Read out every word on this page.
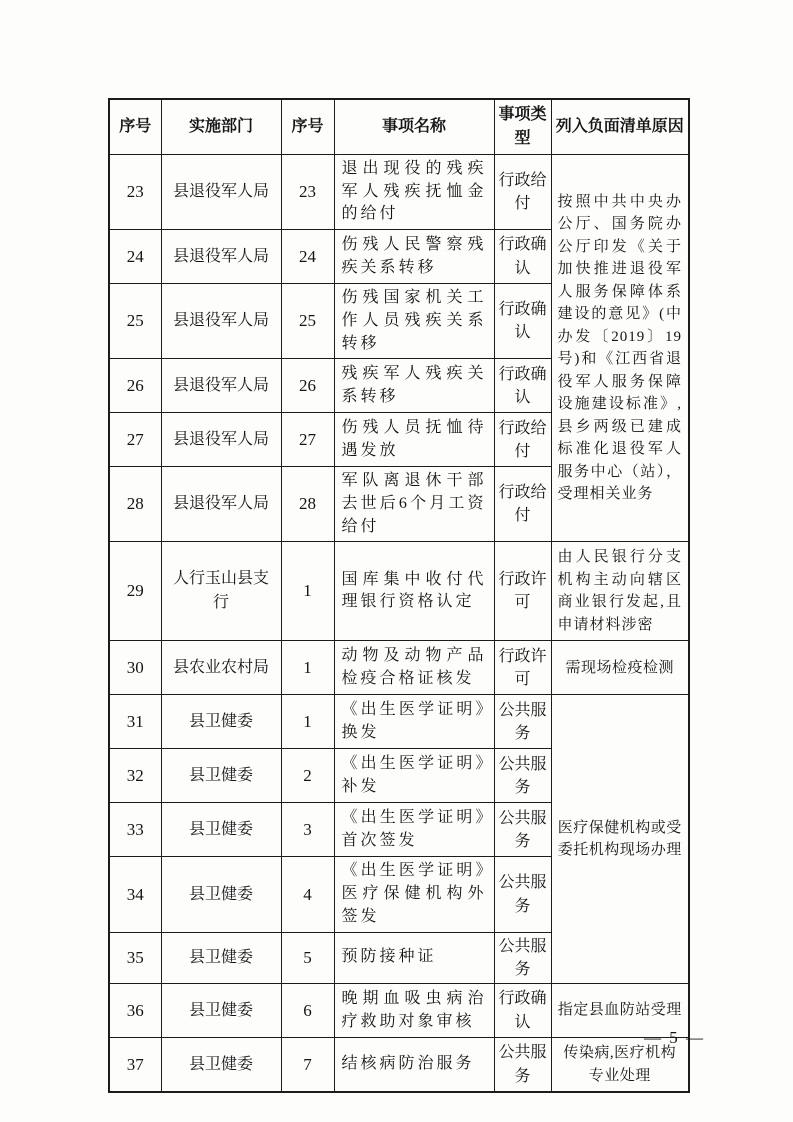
序号	实施部门	序号	事项名称	事项类型	列入负面清单原因
23	县退役军人局	23	退出现役的残疾军人残疾抚恤金的给付	行政给付	按照中共中央办公厅、国务院办公厅印发《关于加快推进退役军人服务保障体系建设的意见》(中办发〔2019〕19号)和《江西省退役军人服务保障设施建设标准》,县乡两级已建成标准化退役军人服务中心（站），受理相关业务
24	县退役军人局	24	伤残人民警察残疾关系转移	行政确认	
25	县退役军人局	25	伤残国家机关工作人员残疾关系转移	行政确认	
26	县退役军人局	26	残疾军人残疾关系转移	行政确认	
27	县退役军人局	27	伤残人员抚恤待遇发放	行政给付	
28	县退役军人局	28	军队离退休干部去世后6个月工资给付	行政给付	
29	人行玉山县支行	1	国库集中收付代理银行资格认定	行政许可	由人民银行分支机构主动向辖区商业银行发起,且申请材料涉密
30	县农业农村局	1	动物及动物产品检疫合格证核发	行政许可	需现场检疫检测
31	县卫健委	1	《出生医学证明》换发	公共服务	医疗保健机构或受委托机构现场办理
32	县卫健委	2	《出生医学证明》补发	公共服务	
33	县卫健委	3	《出生医学证明》首次签发	公共服务	
34	县卫健委	4	《出生医学证明》医疗保健机构外签发	公共服务	
35	县卫健委	5	预防接种证	公共服务	
36	县卫健委	6	晚期血吸虫病治疗救助对象审核	行政确认	指定县血防站受理
37	县卫健委	7	结核病防治服务	公共服务	传染病,医疗机构专业处理
— 5 —
